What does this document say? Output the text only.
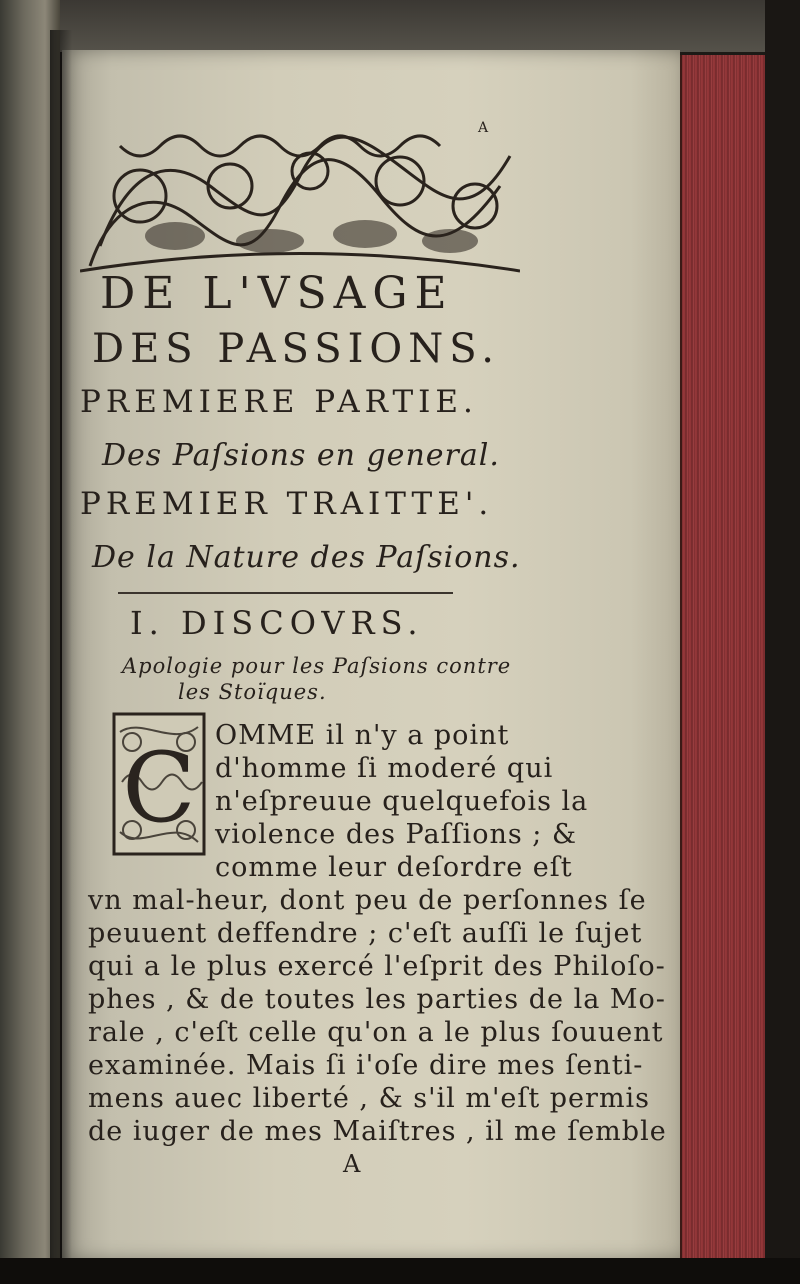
A
DE L'VSAGE
DES PASSIONS.
PREMIERE PARTIE.
Des Paſsions en general.
PREMIER TRAITTE'.
De la Nature des Paſsions.
I. DISCOVRS.
Apologie pour les Paſsions contre
les Stoïques.
C OMME il n'y a point
d'homme ſi moderé qui
n'eſpreuue quelquefois la
violence des Paſſions ; &
comme leur deſordre eſt
vn mal-heur, dont peu de perſonnes ſe
peuuent deffendre ; c'eſt auſſi le ſujet
qui a le plus exercé l'eſprit des Philoſo-
phes , & de toutes les parties de la Mo-
rale , c'eſt celle qu'on a le plus ſouuent
examinée. Mais ſi i'oſe dire mes ſenti-
mens auec liberté , & s'il m'eſt permis
de iuger de mes Maiſtres , il me ſemble
A
